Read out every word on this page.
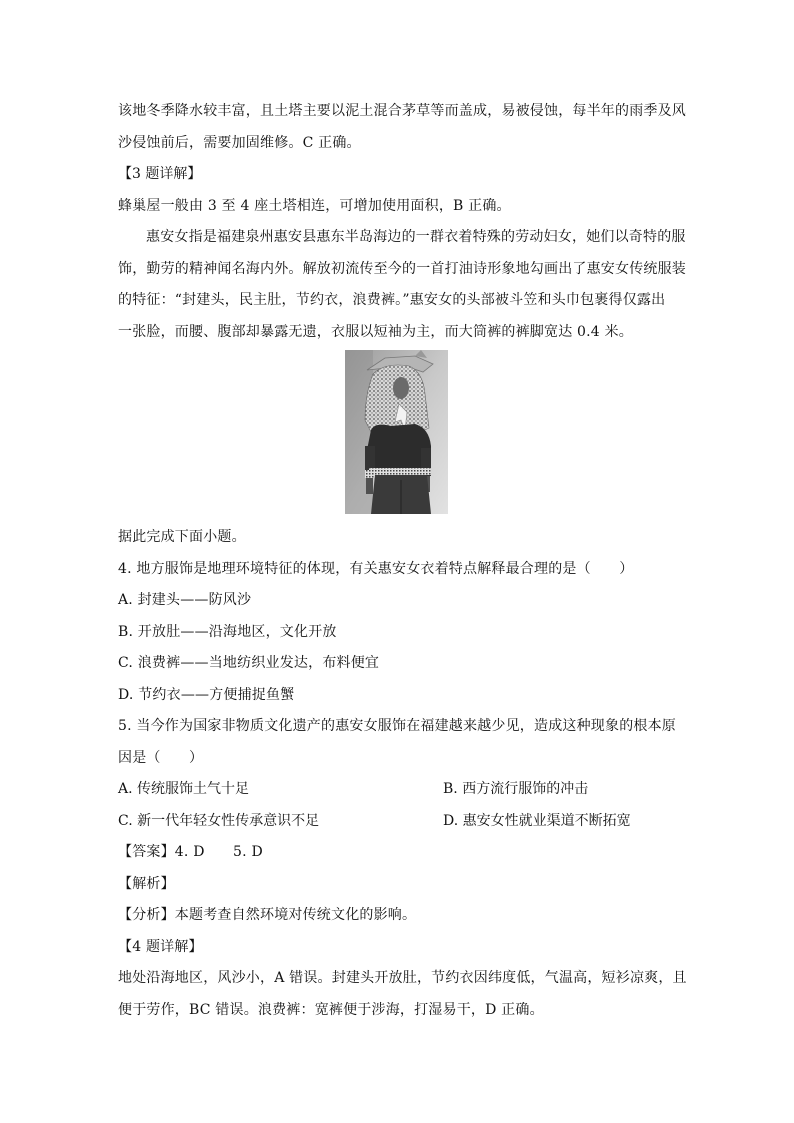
该地冬季降水较丰富，且土塔主要以泥土混合茅草等而盖成，易被侵蚀，每半年的雨季及风
沙侵蚀前后，需要加固维修。C 正确。
【3 题详解】
蜂巢屋一般由 3 至 4 座土塔相连，可增加使用面积，B 正确。
惠安女指是福建泉州惠安县惠东半岛海边的一群衣着特殊的劳动妇女，她们以奇特的服
饰，勤劳的精神闻名海内外。解放初流传至今的一首打油诗形象地勾画出了惠安女传统服装
的特征：“封建头，民主肚，节约衣，浪费裤。”惠安女的头部被斗笠和头巾包裹得仅露出
一张脸，而腰、腹部却暴露无遗，衣服以短袖为主，而大筒裤的裤脚宽达 0.4 米。
据此完成下面小题。
4. 地方服饰是地理环境特征的体现，有关惠安女衣着特点解释最合理的是（　　）
A. 封建头——防风沙
B. 开放肚——沿海地区，文化开放
C. 浪费裤——当地纺织业发达，布料便宜
D. 节约衣——方便捕捉鱼蟹
5. 当今作为国家非物质文化遗产的惠安女服饰在福建越来越少见，造成这种现象的根本原
因是（　　）
A. 传统服饰土气十足	B. 西方流行服饰的冲击
C. 新一代年轻女性传承意识不足	D. 惠安女性就业渠道不断拓宽
【答案】4. D　　5. D
【解析】
【分析】本题考查自然环境对传统文化的影响。
【4 题详解】
地处沿海地区，风沙小，A 错误。封建头开放肚，节约衣因纬度低，气温高，短衫凉爽，且
便于劳作，BC 错误。浪费裤：宽裤便于涉海，打湿易干，D 正确。
